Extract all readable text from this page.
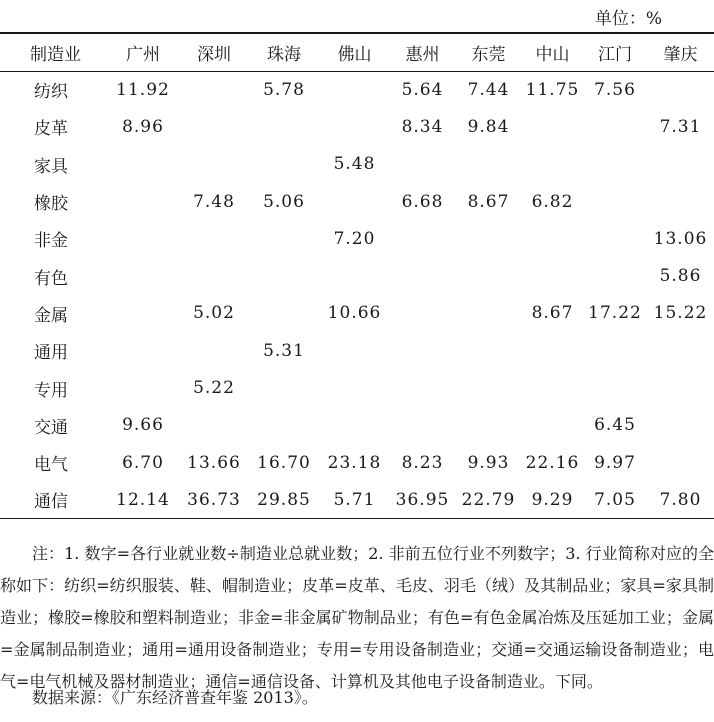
单位：%
制造业	广州	深圳	珠海	佛山	惠州	东莞	中山	江门	肇庆
纺织	11.92		5.78		5.64	7.44	11.75	7.56	
皮革	8.96				8.34	9.84			7.31
家具				5.48					
橡胶		7.48	5.06		6.68	8.67	6.82		
非金				7.20					13.06
有色									5.86
金属		5.02		10.66			8.67	17.22	15.22
通用			5.31						
专用		5.22							
交通	9.66							6.45	
电气	6.70	13.66	16.70	23.18	8.23	9.93	22.16	9.97	
通信	12.14	36.73	29.85	5.71	36.95	22.79	9.29	7.05	7.80

注：1. 数字=各行业就业数÷制造业总就业数；2. 非前五位行业不列数字；3. 行业简称对应的全称如下：纺织=纺织服装、鞋、帽制造业；皮革=皮革、毛皮、羽毛（绒）及其制品业；家具=家具制造业；橡胶=橡胶和塑料制造业；非金=非金属矿物制品业；有色=有色金属冶炼及压延加工业；金属=金属制品制造业；通用=通用设备制造业；专用=专用设备制造业；交通=交通运输设备制造业；电气=电气机械及器材制造业；通信=通信设备、计算机及其他电子设备制造业。下同。

数据来源：《广东经济普查年鉴 2013》。
